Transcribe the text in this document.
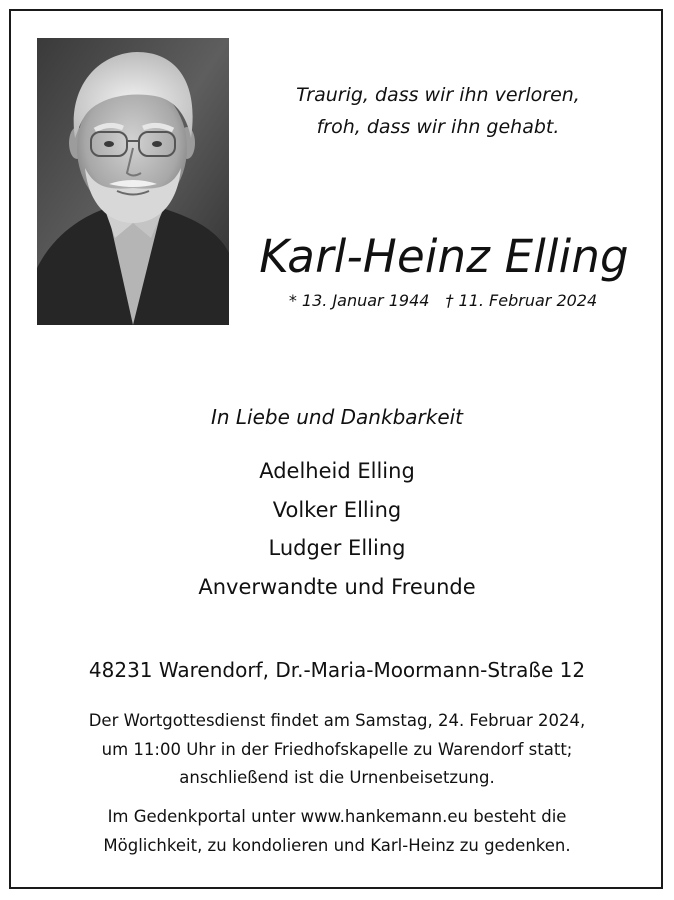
Traurig, dass wir ihn verloren,
froh, dass wir ihn gehabt.
Karl-Heinz Elling
* 13. Januar 1944 † 11. Februar 2024
In Liebe und Dankbarkeit
Adelheid Elling
Volker Elling
Ludger Elling
Anverwandte und Freunde
48231 Warendorf, Dr.-Maria-Moormann-Straße 12
Der Wortgottesdienst findet am Samstag, 24. Februar 2024,
um 11:00 Uhr in der Friedhofskapelle zu Warendorf statt;
anschließend ist die Urnenbeisetzung.
Im Gedenkportal unter www.hankemann.eu besteht die
Möglichkeit, zu kondolieren und Karl-Heinz zu gedenken.
